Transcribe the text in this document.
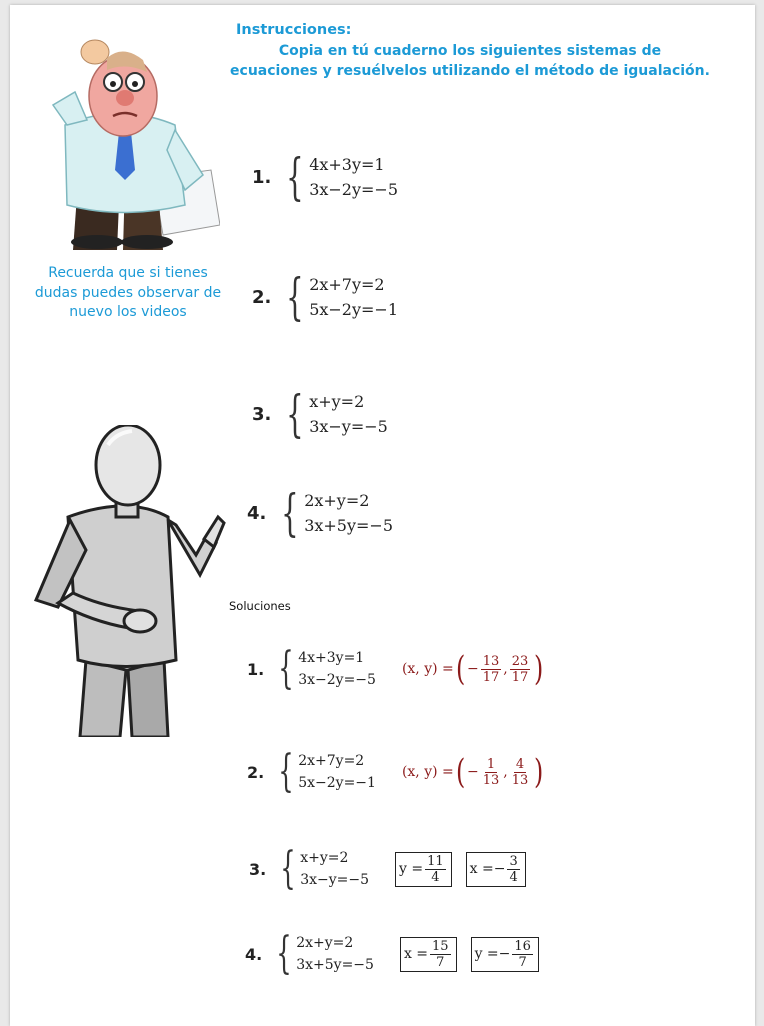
Instrucciones:
Copia en tú cuaderno los siguientes sistemas de
ecuaciones y resuélvelos utilizando el método de igualación.
Recuerda que si tienes
dudas puedes observar de
nuevo los videos
1. { 4x+3y=1
3x−2y=−5
2. { 2x+7y=2
5x−2y=−1
3. { x+y=2
3x−y=−5
4. { 2x+y=2
3x+5y=−5
Soluciones
1. { 4x+3y=1
3x−2y=−5
(x, y) = ( − $\frac{13}{17}$ , $\frac{23}{17}$ )
2. { 2x+7y=2
5x−2y=−1
(x, y) = ( − $\frac{1}{13}$ , $\frac{4}{13}$ )
3. { x+y=2
3x−y=−5
$y = \frac{11}{4}$ x = − $\frac{3}{4}$
4. { 2x+y=2
3x+5y=−5
$x = \frac{15}{7}$ y = − $\frac{16}{7}$
